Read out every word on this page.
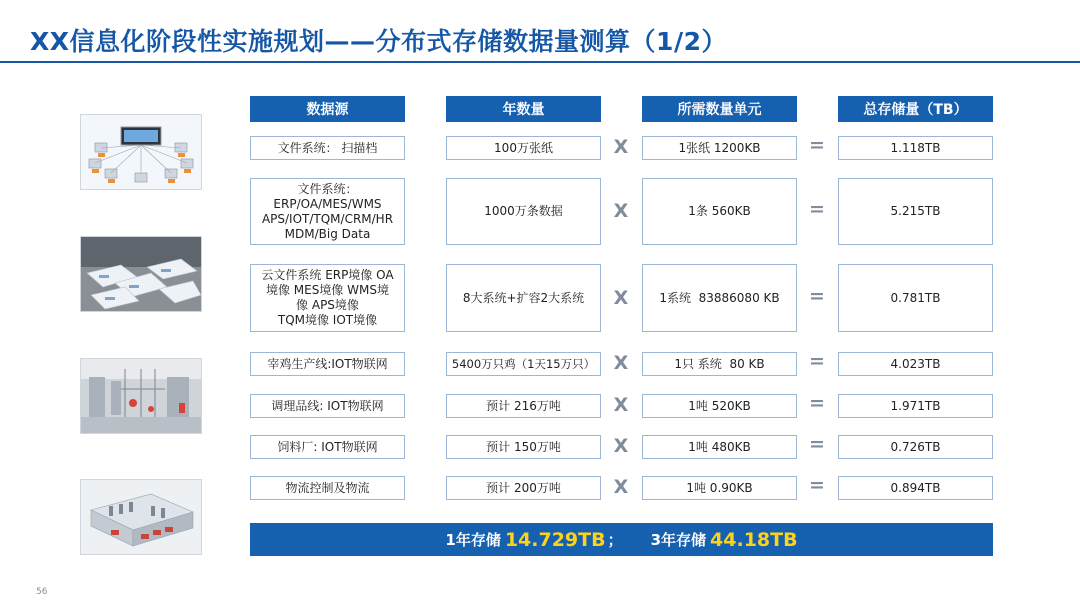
XX信息化阶段性实施规划——分布式存储数据量测算（1/2）
数据源	年数量	所需数量单元	总存储量（TB）
文件系统： 扫描档	100万张纸	X	1张纸 1200KB	=	1.118TB
文件系统：
ERP/OA/MES/WMS
APS/IOT/TQM/CRM/HR
MDM/Big Data
1000万条数据	X	1条 560KB	=	5.215TB
云文件系统 ERP境像 OA
境像 MES境像 WMS境
像 APS境像
TQM境像 IOT境像
8大系统+扩容2大系统	X	1系统  83886080 KB	=	0.781TB
宰鸡生产线:IOT物联网	5400万只鸡（1天15万只） X	1只 系统  80 KB	=	4.023TB
调理品线: IOT物联网	预计 216万吨	X	1吨 520KB	=	1.971TB
饲料厂: IOT物联网	预计 150万吨	X	1吨 480KB	=	0.726TB
物流控制及物流	预计 200万吨	X	1吨 0.90KB	=	0.894TB
1年存储 14.729TB ； 3年存储 44.18TB
56
